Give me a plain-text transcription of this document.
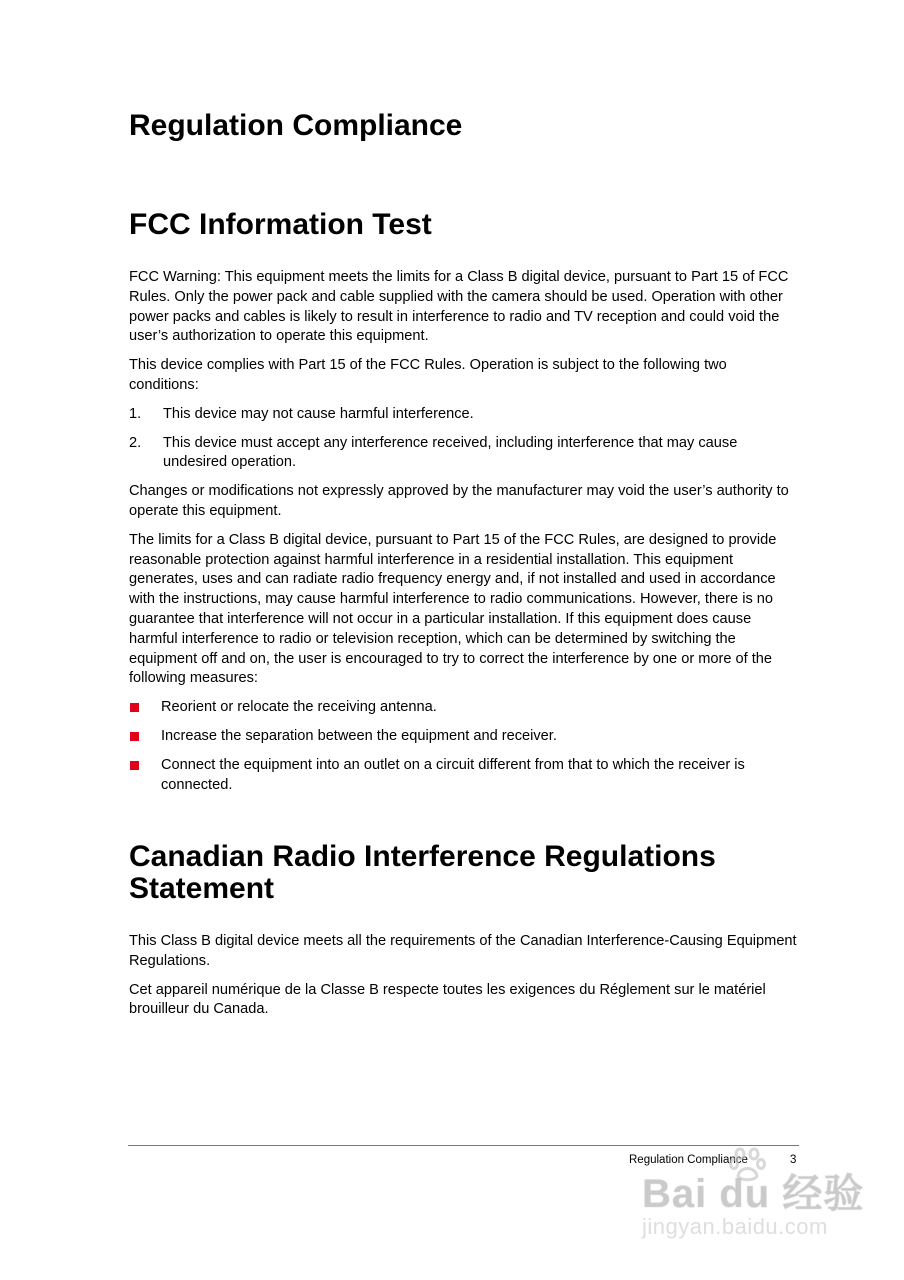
Regulation Compliance
FCC Information Test

FCC Warning: This equipment meets the limits for a Class B digital device, pursuant to Part 15 of FCC Rules. Only the power pack and cable supplied with the camera should be used. Operation with other power packs and cables is likely to result in interference to radio and TV reception and could void the user’s authorization to operate this equipment.

This device complies with Part 15 of the FCC Rules. Operation is subject to the following two conditions:

1. This device may not cause harmful interference.
2. This device must accept any interference received, including interference that may cause undesired operation.

Changes or modifications not expressly approved by the manufacturer may void the user’s authority to operate this equipment.

The limits for a Class B digital device, pursuant to Part 15 of the FCC Rules, are designed to provide reasonable protection against harmful interference in a residential installation. This equipment generates, uses and can radiate radio frequency energy and, if not installed and used in accordance with the instructions, may cause harmful interference to radio communications. However, there is no guarantee that interference will not occur in a particular installation. If this equipment does cause harmful interference to radio or television reception, which can be determined by switching the equipment off and on, the user is encouraged to try to correct the interference by one or more of the following measures:

Reorient or relocate the receiving antenna.
Increase the separation between the equipment and receiver.
Connect the equipment into an outlet on a circuit different from that to which the receiver is connected.
Canadian Radio Interference Regulations Statement

This Class B digital device meets all the requirements of the Canadian Interference-Causing Equipment Regulations.

Cet appareil numérique de la Classe B respecte toutes les exigences du Réglement sur le matériel brouilleur du Canada.

Regulation Compliance	3
Bai du 经验
jingyan.baidu.com
